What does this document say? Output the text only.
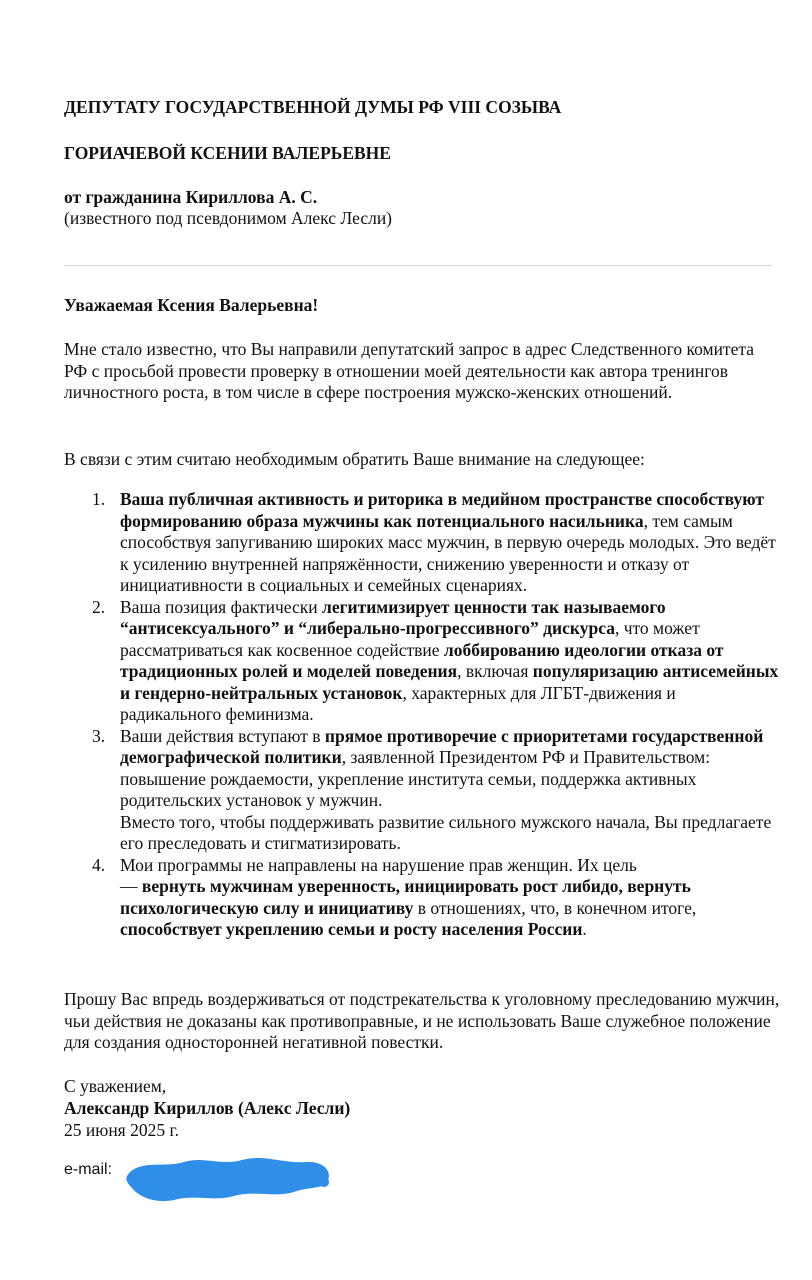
ДЕПУТАТУ ГОСУДАРСТВЕННОЙ ДУМЫ РФ VIII СОЗЫВА
ГОРИАЧЕВОЙ КСЕНИИ ВАЛЕРЬЕВНЕ
от гражданина Кириллова А. С.
(известного под псевдонимом Алекс Лесли)
Уважаемая Ксения Валерьевна!
Мне стало известно, что Вы направили депутатский запрос в адрес Следственного комитета РФ с просьбой провести проверку в отношении моей деятельности как автора тренингов личностного роста, в том числе в сфере построения мужско-женских отношений.
В связи с этим считаю необходимым обратить Ваше внимание на следующее:
1. Ваша публичная активность и риторика в медийном пространстве способствуют формированию образа мужчины как потенциального насильника, тем самым способствуя запугиванию широких масс мужчин, в первую очередь молодых. Это ведёт к усилению внутренней напряжённости, снижению уверенности и отказу от инициативности в социальных и семейных сценариях.
2. Ваша позиция фактически легитимизирует ценности так называемого “антисексуального” и “либерально-прогрессивного” дискурса, что может рассматриваться как косвенное содействие лоббированию идеологии отказа от традиционных ролей и моделей поведения, включая популяризацию антисемейных и гендерно-нейтральных установок, характерных для ЛГБТ-движения и радикального феминизма.
3. Ваши действия вступают в прямое противоречие с приоритетами государственной демографической политики, заявленной Президентом РФ и Правительством: повышение рождаемости, укрепление института семьи, поддержка активных родительских установок у мужчин.
Вместо того, чтобы поддерживать развитие сильного мужского начала, Вы предлагаете его преследовать и стигматизировать.
4. Мои программы не направлены на нарушение прав женщин. Их цель
— вернуть мужчинам уверенность, инициировать рост либидо, вернуть психологическую силу и инициативу в отношениях, что, в конечном итоге, способствует укреплению семьи и росту населения России.
Прошу Вас впредь воздерживаться от подстрекательства к уголовному преследованию мужчин, чьи действия не доказаны как противоправные, и не использовать Ваше служебное положение для создания односторонней негативной повестки.
С уважением,
Александр Кириллов (Алекс Лесли)
25 июня 2025 г.
e-mail:
